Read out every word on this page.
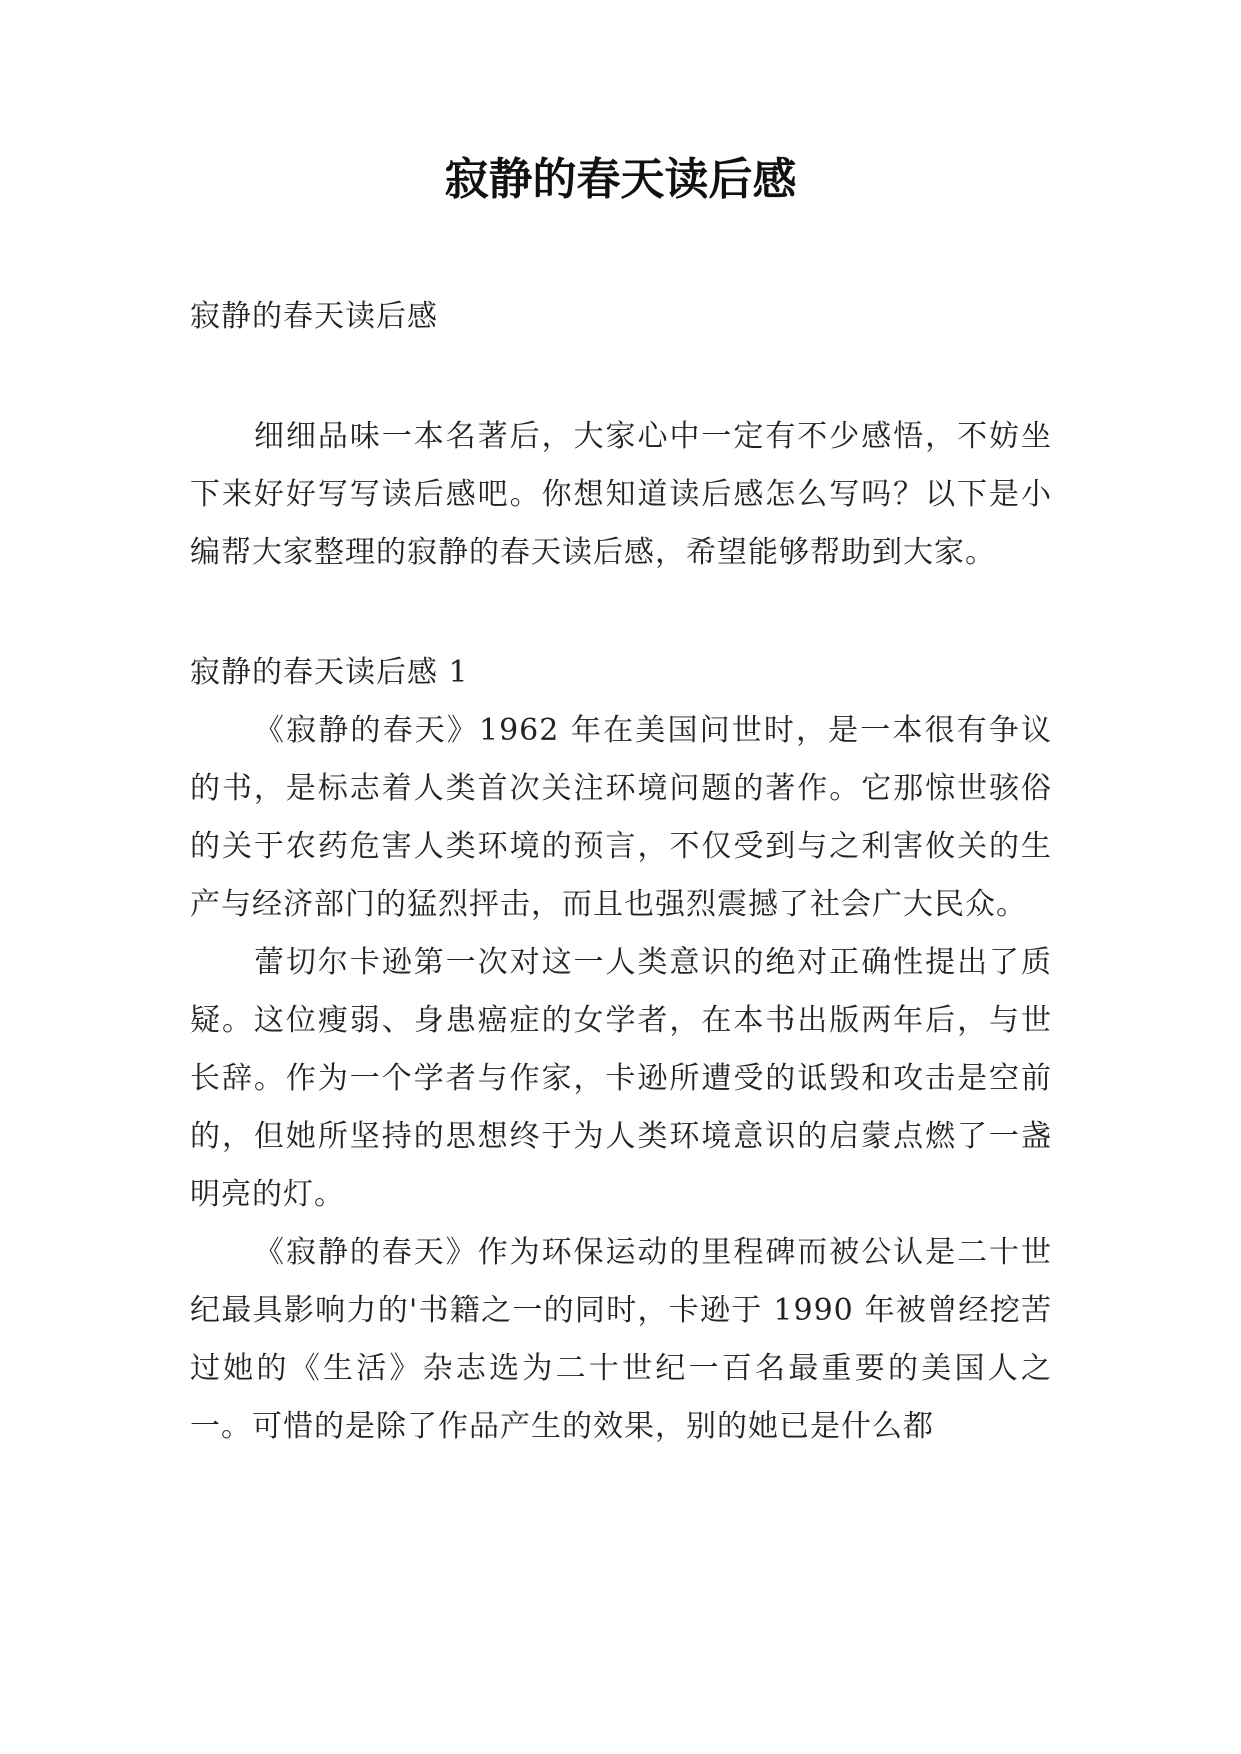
寂静的春天读后感
寂静的春天读后感

细细品味一本名著后，大家心中一定有不少感悟，不妨坐下来好好写写读后感吧。你想知道读后感怎么写吗？以下是小编帮大家整理的寂静的春天读后感，希望能够帮助到大家。

寂静的春天读后感 1

《寂静的春天》1962 年在美国问世时，是一本很有争议的书，是标志着人类首次关注环境问题的著作。它那惊世骇俗的关于农药危害人类环境的预言，不仅受到与之利害攸关的生产与经济部门的猛烈抨击，而且也强烈震撼了社会广大民众。

蕾切尔卡逊第一次对这一人类意识的绝对正确性提出了质疑。这位瘦弱、身患癌症的女学者，在本书出版两年后，与世长辞。作为一个学者与作家，卡逊所遭受的诋毁和攻击是空前的，但她所坚持的思想终于为人类环境意识的启蒙点燃了一盏明亮的灯。

《寂静的春天》作为环保运动的里程碑而被公认是二十世纪最具影响力的'书籍之一的同时，卡逊于 1990 年被曾经挖苦过她的《生活》杂志选为二十世纪一百名最重要的美国人之一。可惜的是除了作品产生的效果，别的她已是什么都
